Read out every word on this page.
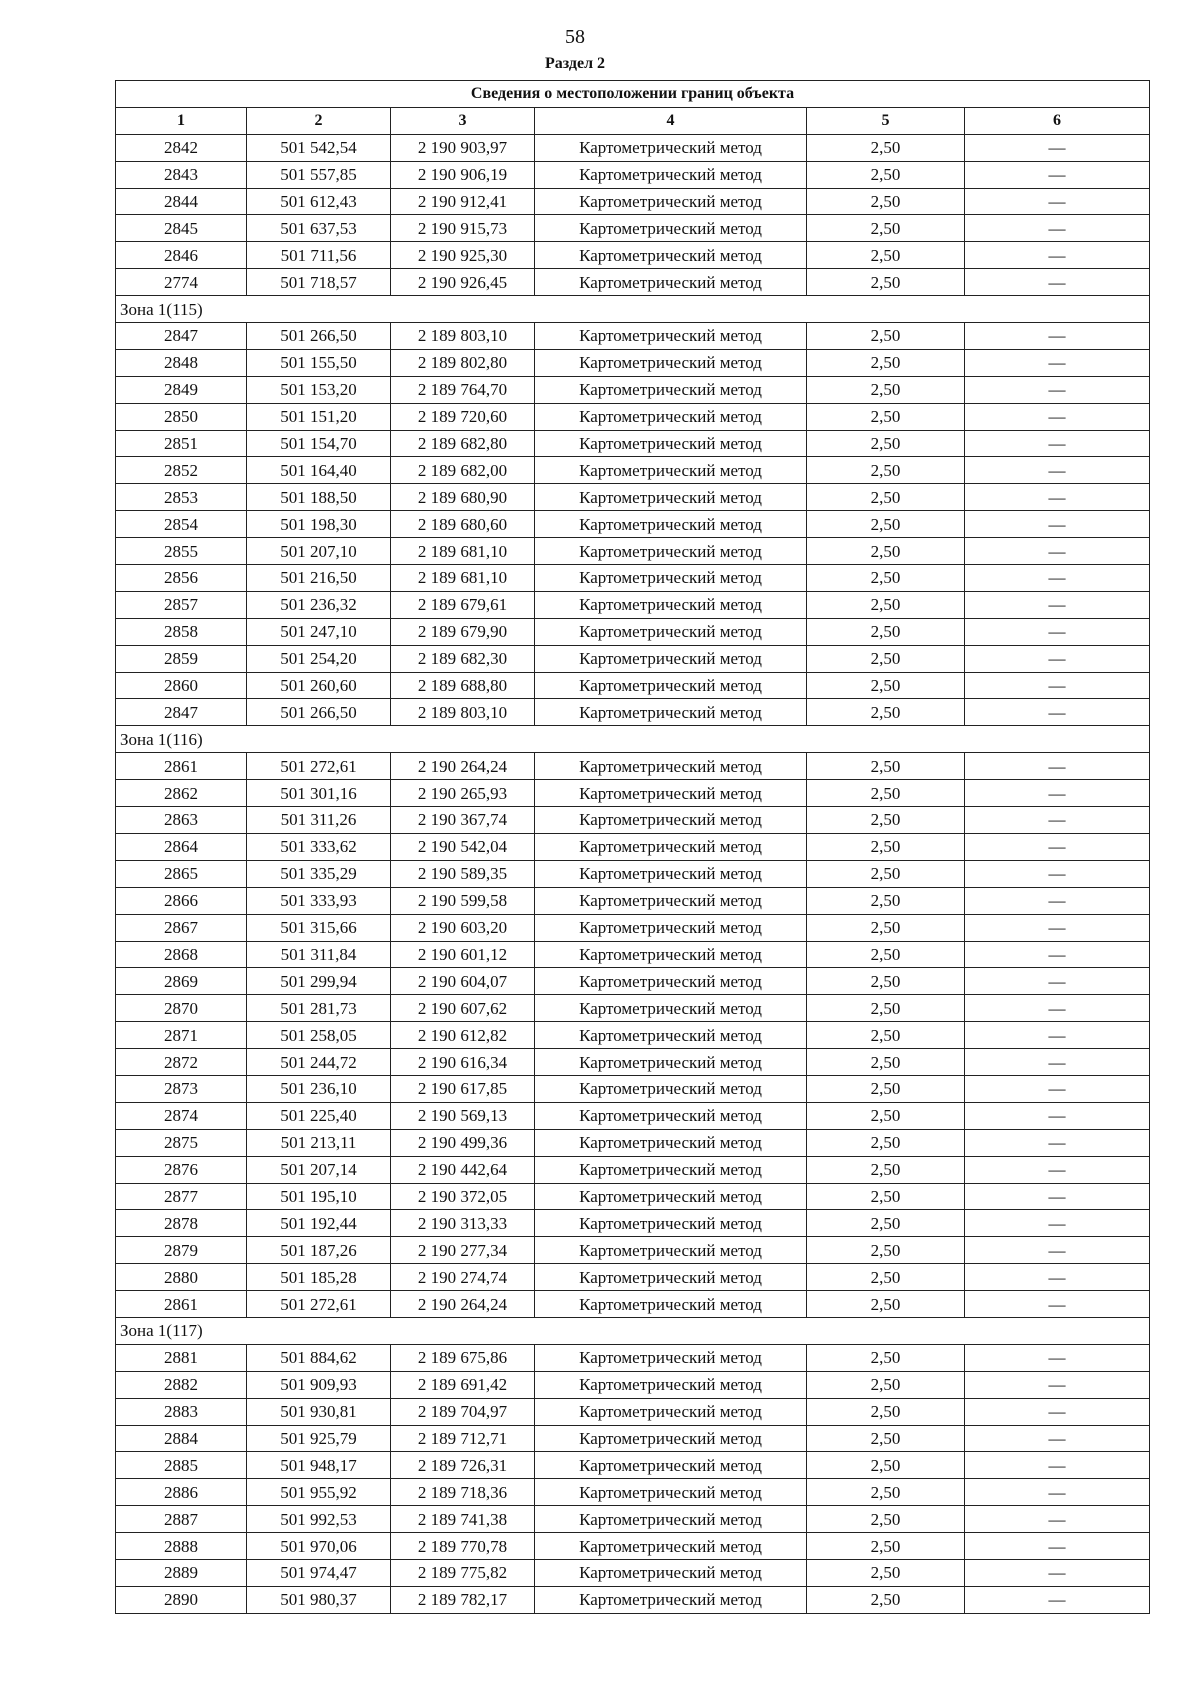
58
Раздел 2
Сведения о местоположении границ объекта					
1	2	3	4	5	6
2842	501 542,54	2 190 903,97	Картометрический метод	2,50	—
2843	501 557,85	2 190 906,19	Картометрический метод	2,50	—
2844	501 612,43	2 190 912,41	Картометрический метод	2,50	—
2845	501 637,53	2 190 915,73	Картометрический метод	2,50	—
2846	501 711,56	2 190 925,30	Картометрический метод	2,50	—
2774	501 718,57	2 190 926,45	Картометрический метод	2,50	—
Зона 1(115)					
2847	501 266,50	2 189 803,10	Картометрический метод	2,50	—
2848	501 155,50	2 189 802,80	Картометрический метод	2,50	—
2849	501 153,20	2 189 764,70	Картометрический метод	2,50	—
2850	501 151,20	2 189 720,60	Картометрический метод	2,50	—
2851	501 154,70	2 189 682,80	Картометрический метод	2,50	—
2852	501 164,40	2 189 682,00	Картометрический метод	2,50	—
2853	501 188,50	2 189 680,90	Картометрический метод	2,50	—
2854	501 198,30	2 189 680,60	Картометрический метод	2,50	—
2855	501 207,10	2 189 681,10	Картометрический метод	2,50	—
2856	501 216,50	2 189 681,10	Картометрический метод	2,50	—
2857	501 236,32	2 189 679,61	Картометрический метод	2,50	—
2858	501 247,10	2 189 679,90	Картометрический метод	2,50	—
2859	501 254,20	2 189 682,30	Картометрический метод	2,50	—
2860	501 260,60	2 189 688,80	Картометрический метод	2,50	—
2847	501 266,50	2 189 803,10	Картометрический метод	2,50	—
Зона 1(116)					
2861	501 272,61	2 190 264,24	Картометрический метод	2,50	—
2862	501 301,16	2 190 265,93	Картометрический метод	2,50	—
2863	501 311,26	2 190 367,74	Картометрический метод	2,50	—
2864	501 333,62	2 190 542,04	Картометрический метод	2,50	—
2865	501 335,29	2 190 589,35	Картометрический метод	2,50	—
2866	501 333,93	2 190 599,58	Картометрический метод	2,50	—
2867	501 315,66	2 190 603,20	Картометрический метод	2,50	—
2868	501 311,84	2 190 601,12	Картометрический метод	2,50	—
2869	501 299,94	2 190 604,07	Картометрический метод	2,50	—
2870	501 281,73	2 190 607,62	Картометрический метод	2,50	—
2871	501 258,05	2 190 612,82	Картометрический метод	2,50	—
2872	501 244,72	2 190 616,34	Картометрический метод	2,50	—
2873	501 236,10	2 190 617,85	Картометрический метод	2,50	—
2874	501 225,40	2 190 569,13	Картометрический метод	2,50	—
2875	501 213,11	2 190 499,36	Картометрический метод	2,50	—
2876	501 207,14	2 190 442,64	Картометрический метод	2,50	—
2877	501 195,10	2 190 372,05	Картометрический метод	2,50	—
2878	501 192,44	2 190 313,33	Картометрический метод	2,50	—
2879	501 187,26	2 190 277,34	Картометрический метод	2,50	—
2880	501 185,28	2 190 274,74	Картометрический метод	2,50	—
2861	501 272,61	2 190 264,24	Картометрический метод	2,50	—
Зона 1(117)					
2881	501 884,62	2 189 675,86	Картометрический метод	2,50	—
2882	501 909,93	2 189 691,42	Картометрический метод	2,50	—
2883	501 930,81	2 189 704,97	Картометрический метод	2,50	—
2884	501 925,79	2 189 712,71	Картометрический метод	2,50	—
2885	501 948,17	2 189 726,31	Картометрический метод	2,50	—
2886	501 955,92	2 189 718,36	Картометрический метод	2,50	—
2887	501 992,53	2 189 741,38	Картометрический метод	2,50	—
2888	501 970,06	2 189 770,78	Картометрический метод	2,50	—
2889	501 974,47	2 189 775,82	Картометрический метод	2,50	—
2890	501 980,37	2 189 782,17	Картометрический метод	2,50	—
